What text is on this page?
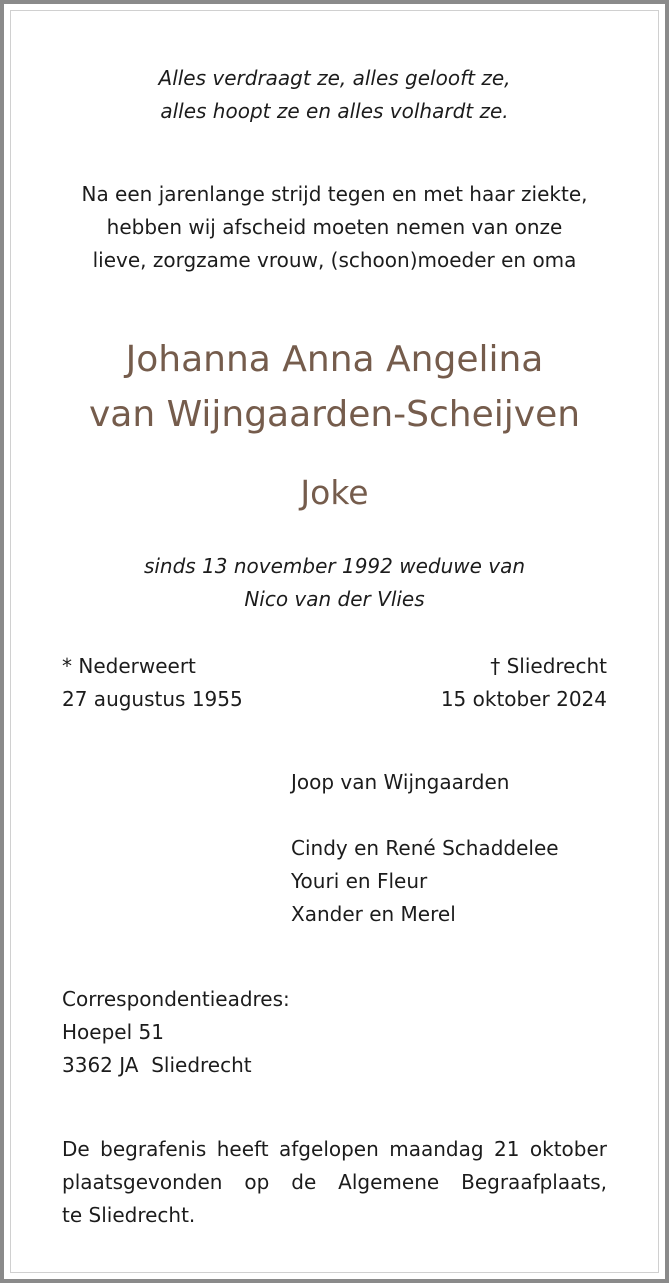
Alles verdraagt ze, alles gelooft ze,
alles hoopt ze en alles volhardt ze.
Na een jarenlange strijd tegen en met haar ziekte,
hebben wij afscheid moeten nemen van onze
lieve, zorgzame vrouw, (schoon)moeder en oma
Johanna Anna Angelina
van Wijngaarden-Scheijven
Joke
sinds 13 november 1992 weduwe van
Nico van der Vlies
* Nederweert
27 augustus 1955
† Sliedrecht
15 oktober 2024
Joop van Wijngaarden
Cindy en René Schaddelee
Youri en Fleur
Xander en Merel
Correspondentieadres:
Hoepel 51
3362 JA  Sliedrecht
De begrafenis heeft afgelopen maandag 21 oktober
plaatsgevonden op de Algemene Begraafplaats,
te Sliedrecht.
